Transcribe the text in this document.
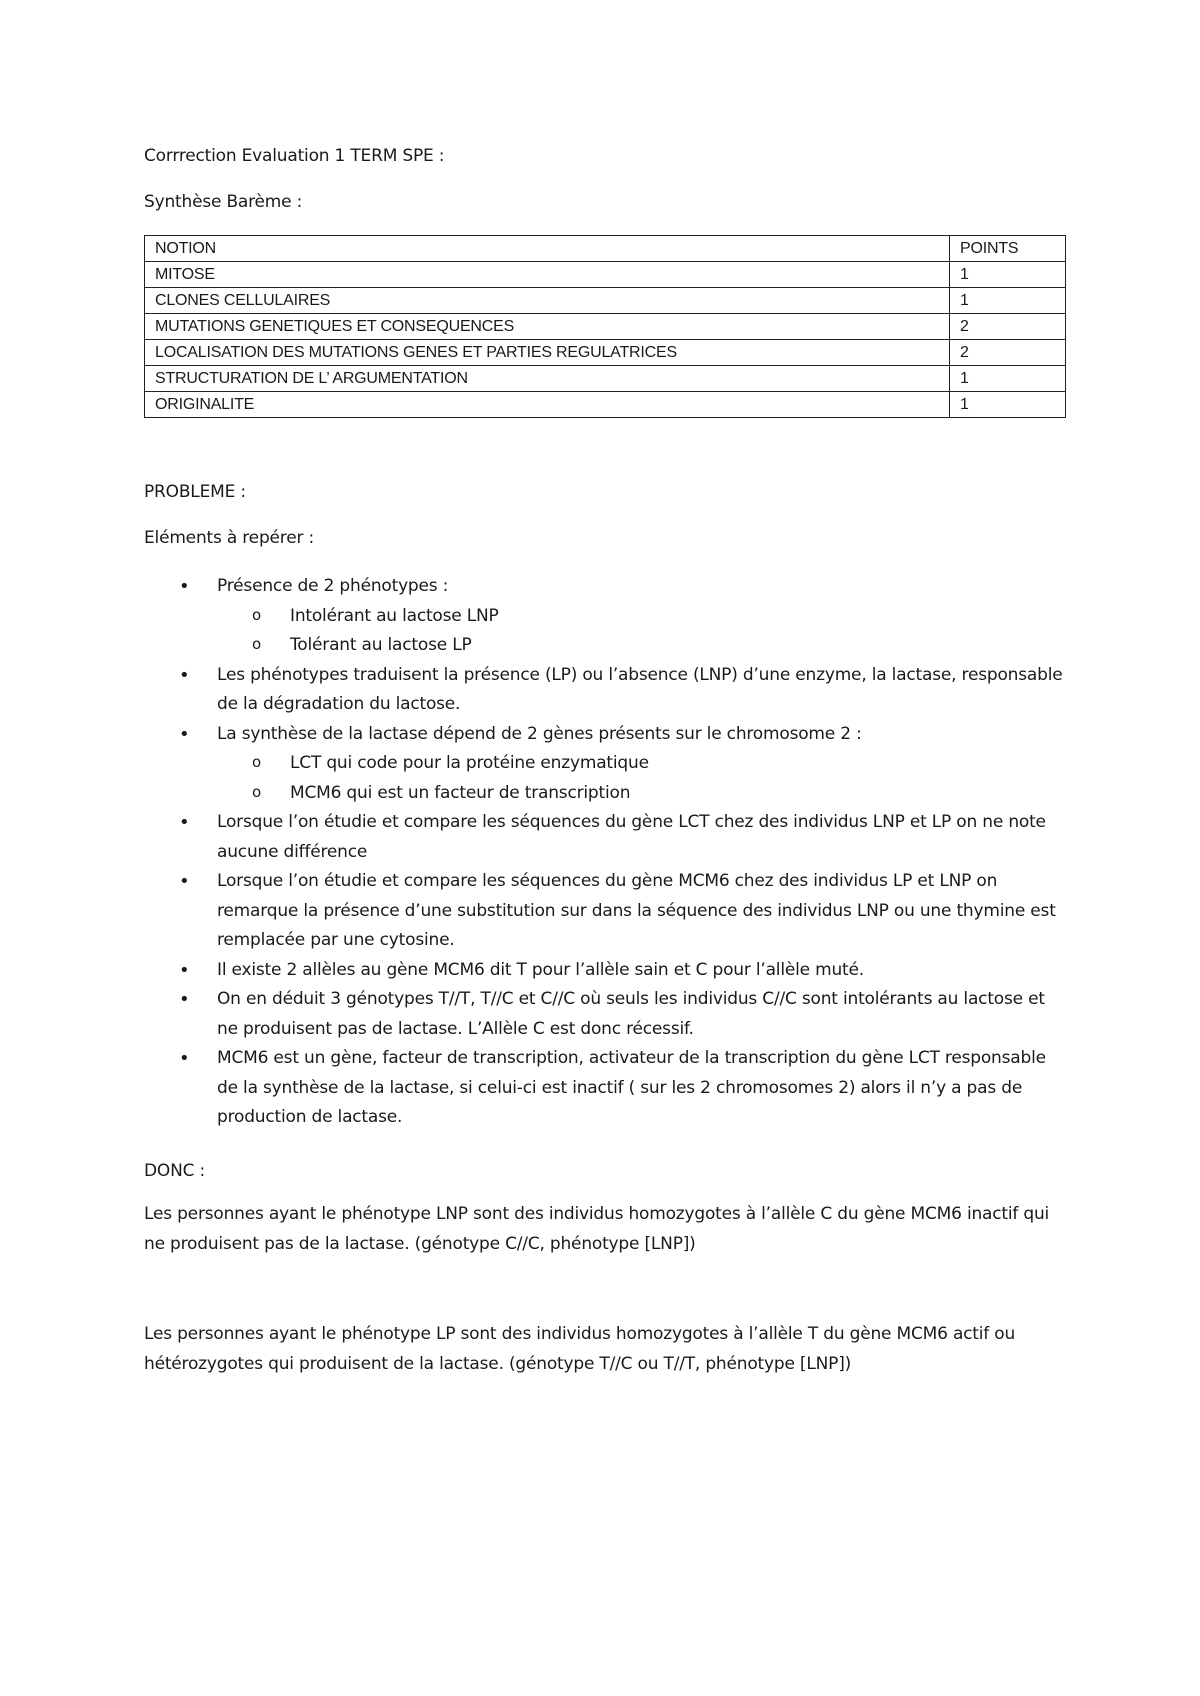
Corrrection Evaluation 1 TERM SPE :
Synthèse Barème :
NOTION	POINTS
MITOSE	1
CLONES CELLULAIRES	1
MUTATIONS GENETIQUES ET CONSEQUENCES	2
LOCALISATION DES MUTATIONS GENES ET PARTIES REGULATRICES	2
STRUCTURATION DE L’ ARGUMENTATION	1
ORIGINALITE	1
PROBLEME :
Eléments à repérer :
• Présence de 2 phénotypes :
o Intolérant au lactose LNP
o Tolérant au lactose LP
• Les phénotypes traduisent la présence (LP) ou l’absence (LNP) d’une enzyme, la lactase, responsable de la dégradation du lactose.
• La synthèse de la lactase dépend de 2 gènes présents sur le chromosome 2 :
o LCT qui code pour la protéine enzymatique
o MCM6 qui est un facteur de transcription
• Lorsque l’on étudie et compare les séquences du gène LCT chez des individus LNP et LP on ne note aucune différence
• Lorsque l’on étudie et compare les séquences du gène MCM6 chez des individus LP et LNP on remarque la présence d’une substitution sur dans la séquence des individus LNP ou une thymine est remplacée par une cytosine.
• Il existe 2 allèles au gène MCM6 dit T pour l’allèle sain et C pour l’allèle muté.
• On en déduit 3 génotypes T//T, T//C et C//C où seuls les individus C//C sont intolérants au lactose et ne produisent pas de lactase. L’Allèle C est donc récessif.
• MCM6 est un gène, facteur de transcription, activateur de la transcription du gène LCT responsable de la synthèse de la lactase, si celui-ci est inactif ( sur les 2 chromosomes 2) alors il n’y a pas de production de lactase.
DONC :
Les personnes ayant le phénotype LNP sont des individus homozygotes à l’allèle C du gène MCM6 inactif qui ne produisent pas de la lactase. (génotype C//C, phénotype [LNP])
Les personnes ayant le phénotype LP sont des individus homozygotes à l’allèle T du gène MCM6 actif ou hétérozygotes qui produisent de la lactase. (génotype T//C ou T//T, phénotype [LNP])
